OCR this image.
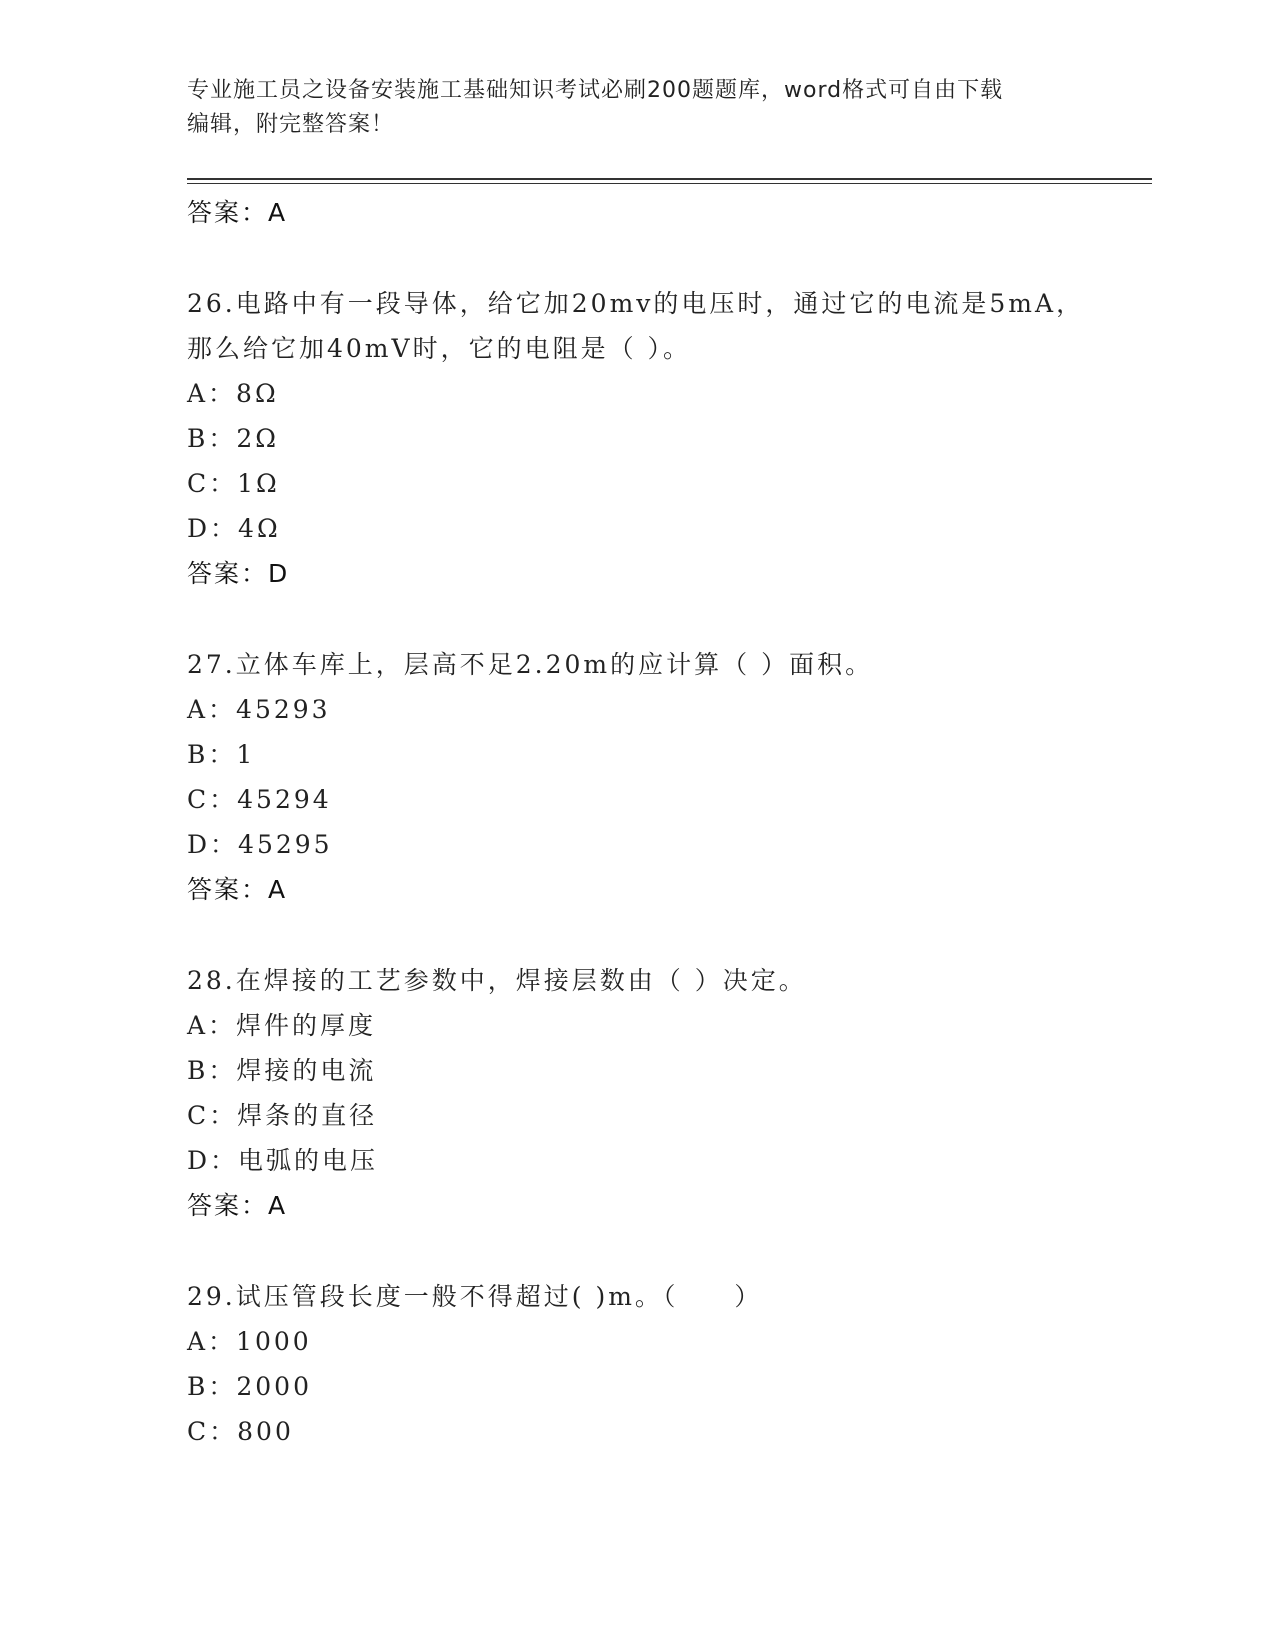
专业施工员之设备安装施工基础知识考试必刷200题题库，word格式可自由下载
编辑，附完整答案！
答案：A
26.电路中有一段导体，给它加20mv的电压时，通过它的电流是5mA，
那么给它加40mV时，它的电阻是（ ）。
A：8Ω
B：2Ω
C：1Ω
D：4Ω
答案：D
27.立体车库上，层高不足2.20m的应计算（ ）面积。
A：45293
B：1
C：45294
D：45295
答案：A
28.在焊接的工艺参数中，焊接层数由（ ）决定。
A：焊件的厚度
B：焊接的电流
C：焊条的直径
D：电弧的电压
答案：A
29.试压管段长度一般不得超过( )m。（　　）
A：1000
B：2000
C：800
